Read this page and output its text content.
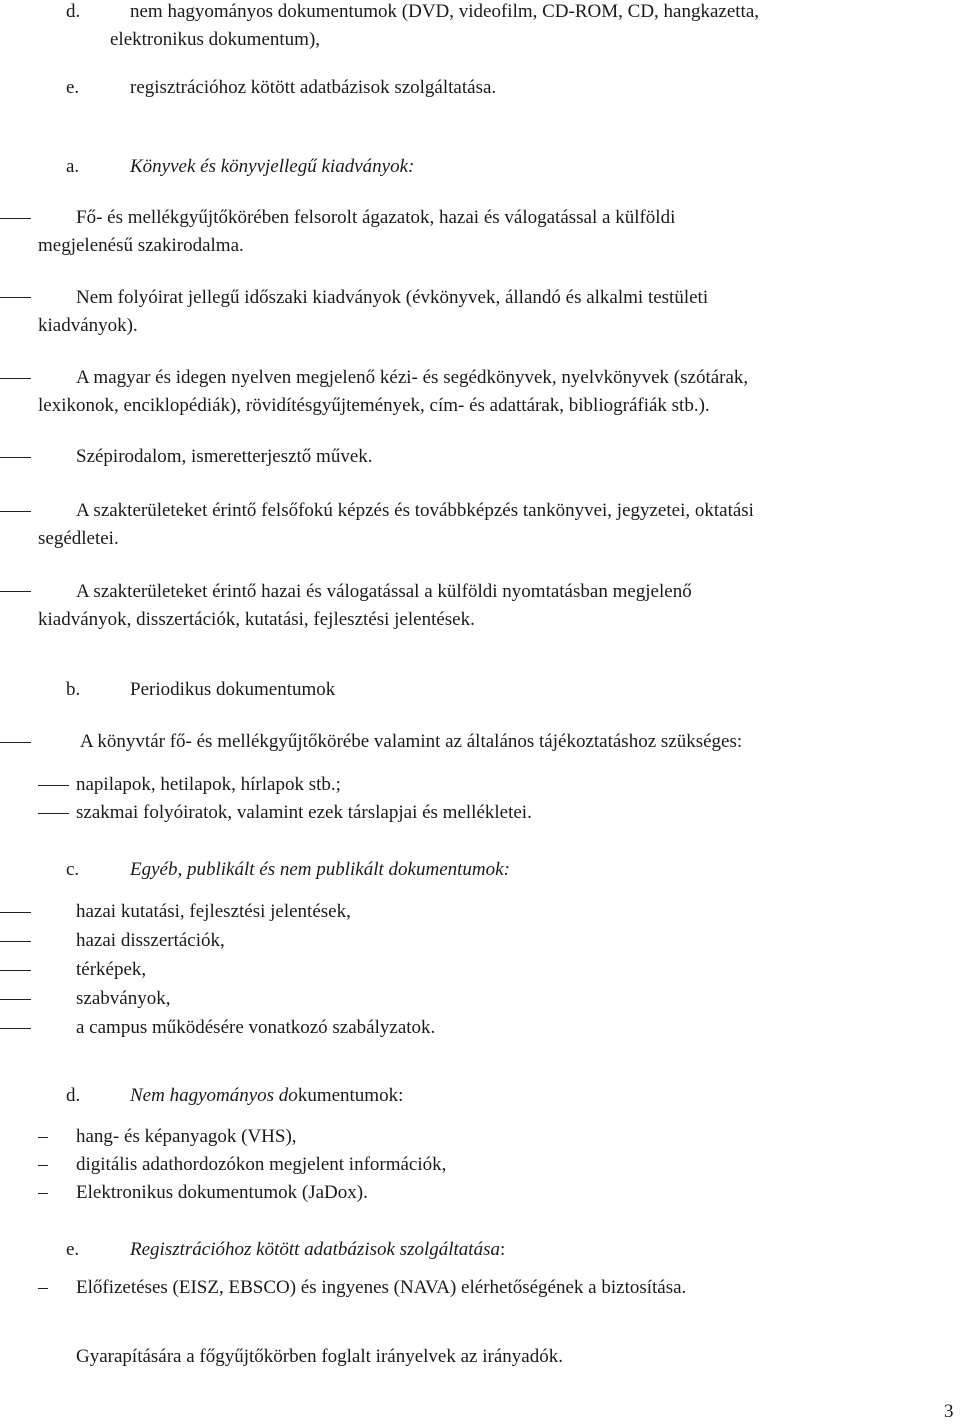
d.	nem hagyományos dokumentumok (DVD, videofilm, CD-ROM, CD, hangkazetta,
elektronikus dokumentum),
e.	regisztrációhoz kötött adatbázisok szolgáltatása.
a.	Könyvek és könyvjellegű kiadványok:
Fő- és mellékgyűjtőkörében felsorolt ágazatok, hazai és válogatással a külföldi
megjelenésű szakirodalma.
Nem folyóirat jellegű időszaki kiadványok (évkönyvek, állandó és alkalmi testületi
kiadványok).
A magyar és idegen nyelven megjelenő kézi- és segédkönyvek, nyelvkönyvek (szótárak,
lexikonok, enciklopédiák), rövidítésgyűjtemények, cím- és adattárak, bibliográfiák stb.).
Szépirodalom, ismeretterjesztő művek.
A szakterületeket érintő felsőfokú képzés és továbbképzés tankönyvei, jegyzetei, oktatási
segédletei.
A szakterületeket érintő hazai és válogatással a külföldi nyomtatásban megjelenő
kiadványok, disszertációk, kutatási, fejlesztési jelentések.
b.	Periodikus dokumentumok
A könyvtár fő- és mellékgyűjtőkörébe valamint az általános tájékoztatáshoz szükséges:
napilapok, hetilapok, hírlapok stb.;
szakmai folyóiratok, valamint ezek társlapjai és mellékletei.
c.	Egyéb, publikált és nem publikált dokumentumok:
hazai kutatási, fejlesztési jelentések,
hazai disszertációk,
térképek,
szabványok,
a campus működésére vonatkozó szabályzatok.
d.	Nem hagyományos dokumentumok:
hang- és képanyagok (VHS),
digitális adathordozókon megjelent információk,
Elektronikus dokumentumok (JaDox).
e.	Regisztrációhoz kötött adatbázisok szolgáltatása:
Előfizetéses (EISZ, EBSCO) és ingyenes (NAVA) elérhetőségének a biztosítása.
Gyarapítására a főgyűjtőkörben foglalt irányelvek az irányadók.
3
